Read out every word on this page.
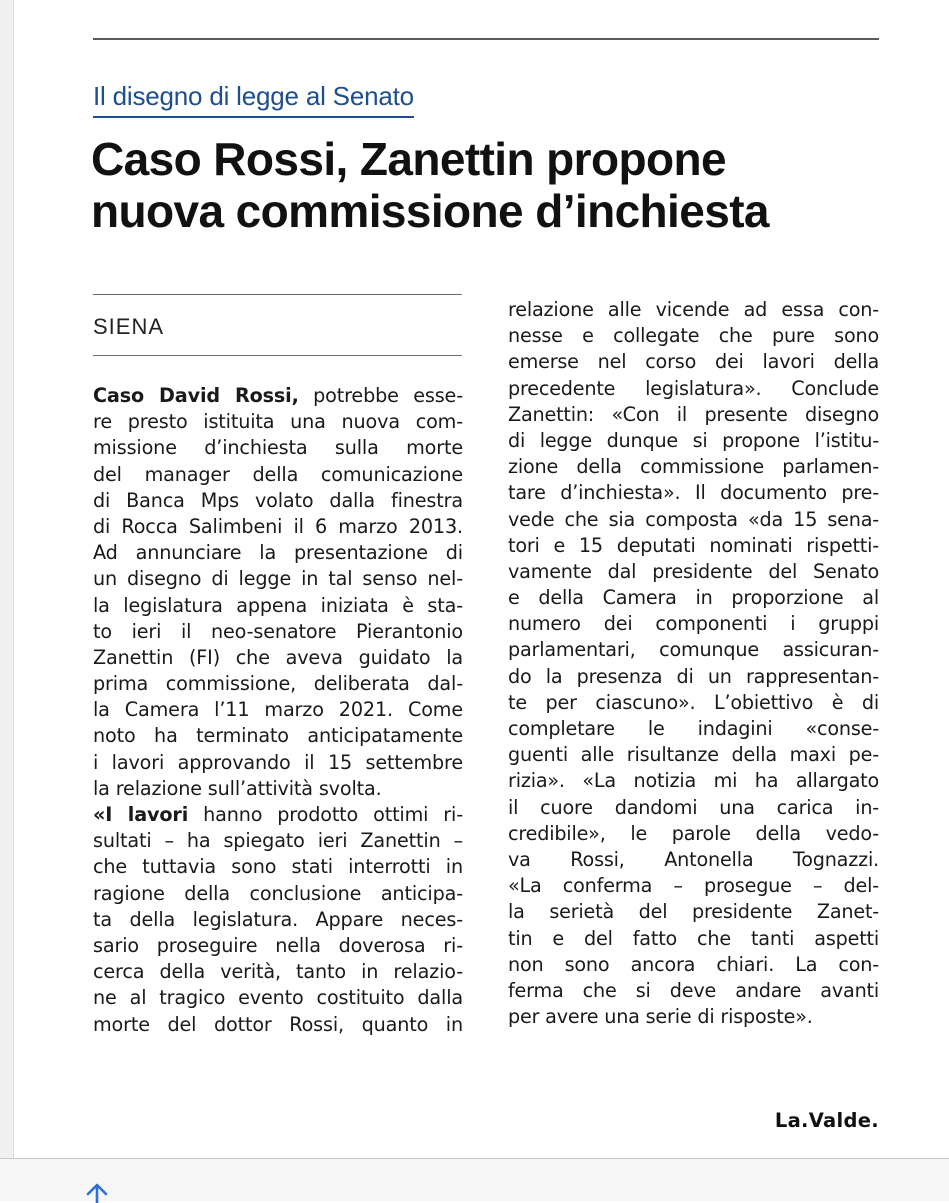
Il disegno di legge al Senato
Caso Rossi, Zanettin propone
nuova commissione d’inchiesta
SIENA
Caso David Rossi, potrebbe esse-
re presto istituita una nuova com-
missione d’inchiesta sulla morte
del manager della comunicazione
di Banca Mps volato dalla finestra
di Rocca Salimbeni il 6 marzo 2013.
Ad annunciare la presentazione di
un disegno di legge in tal senso nel-
la legislatura appena iniziata è sta-
to ieri il neo-senatore Pierantonio
Zanettin (FI) che aveva guidato la
prima commissione, deliberata dal-
la Camera l’11 marzo 2021. Come
noto ha terminato anticipatamente
i lavori approvando il 15 settembre
la relazione sull’attività svolta.
«I lavori hanno prodotto ottimi ri-
sultati – ha spiegato ieri Zanettin –
che tuttavia sono stati interrotti in
ragione della conclusione anticipa-
ta della legislatura. Appare neces-
sario proseguire nella doverosa ri-
cerca della verità, tanto in relazio-
ne al tragico evento costituito dalla
morte del dottor Rossi, quanto in
relazione alle vicende ad essa con-
nesse e collegate che pure sono
emerse nel corso dei lavori della
precedente legislatura». Conclude
Zanettin: «Con il presente disegno
di legge dunque si propone l’istitu-
zione della commissione parlamen-
tare d’inchiesta». Il documento pre-
vede che sia composta «da 15 sena-
tori e 15 deputati nominati rispetti-
vamente dal presidente del Senato
e della Camera in proporzione al
numero dei componenti i gruppi
parlamentari, comunque assicuran-
do la presenza di un rappresentan-
te per ciascuno». L’obiettivo è di
completare le indagini «conse-
guenti alle risultanze della maxi pe-
rizia». «La notizia mi ha allargato
il cuore dandomi una carica in-
credibile», le parole della vedo-
va Rossi, Antonella Tognazzi.
«La conferma – prosegue – del-
la serietà del presidente Zanet-
tin e del fatto che tanti aspetti
non sono ancora chiari. La con-
ferma che si deve andare avanti
per avere una serie di risposte».
La.Valde.
